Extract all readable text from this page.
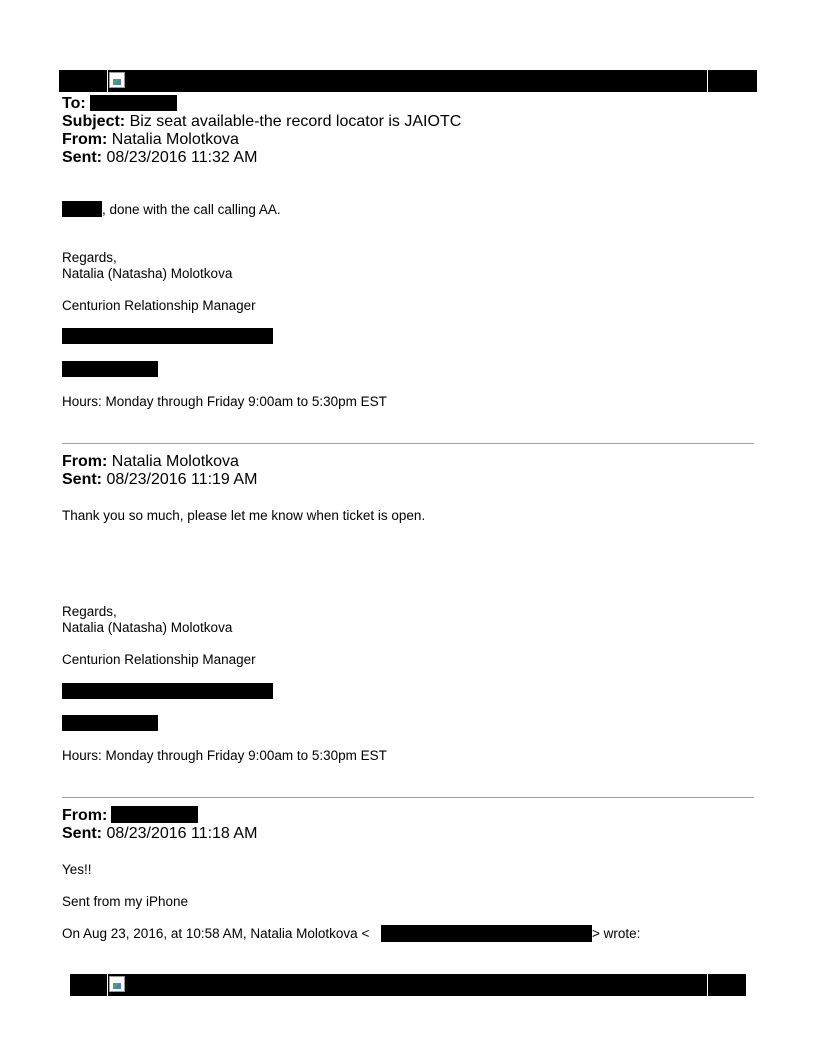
To:
Subject: Biz seat available-the record locator is JAIOTC
From: Natalia Molotkova
Sent: 08/23/2016 11:32 AM
, done with the call calling AA.
Regards,
Natalia (Natasha) Molotkova
Centurion Relationship Manager
Hours: Monday through Friday 9:00am to 5:30pm EST
From: Natalia Molotkova
Sent: 08/23/2016 11:19 AM
Thank you so much, please let me know when ticket is open.
Regards,
Natalia (Natasha) Molotkova
Centurion Relationship Manager
Hours: Monday through Friday 9:00am to 5:30pm EST
From:
Sent: 08/23/2016 11:18 AM
Yes!!
Sent from my iPhone
On Aug 23, 2016, at 10:58 AM, Natalia Molotkova <	> wrote:
